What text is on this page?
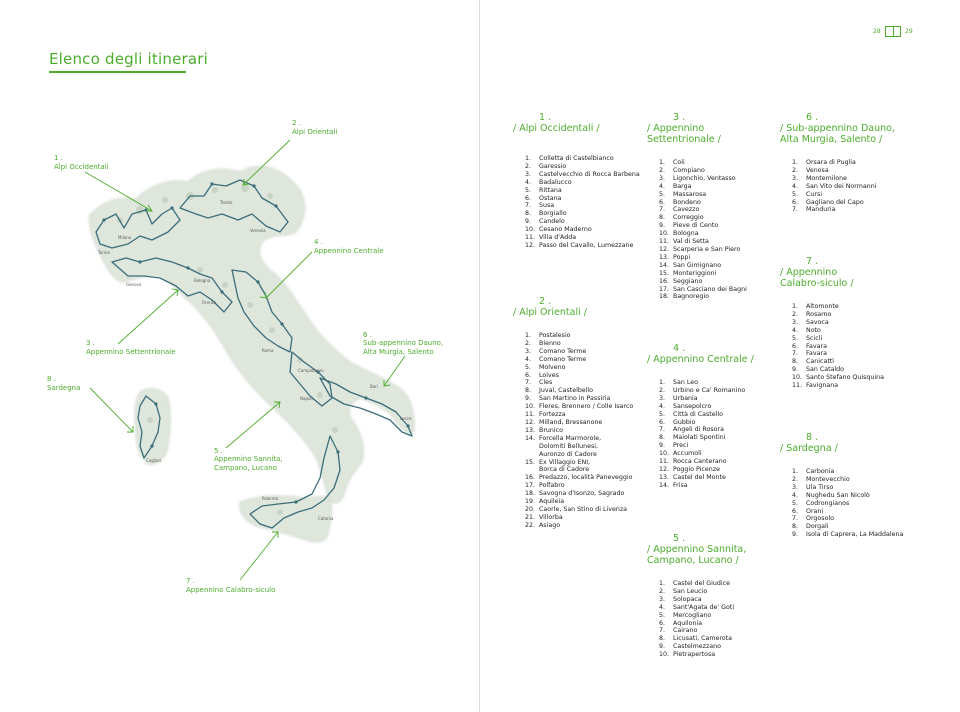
Elenco degli itinerari
Milano
Torino
Genova
Bologna
Firenze
Venezia
Trento
Roma
Napoli
Bari
Lecce
Cagliari
Palermo
Catania
Campobasso
1 .
Alpi Occidentali
2 .
Alpi Orientali
3 .
Appennino Settentrionale
4 .
Appennino Centrale

5 .
Appennino Sannita,
Campano, Lucano

6 .
Sub-appennino Dauno,
Alta Murgia, Salento

7 .
Appennino Calabro-siculo
8 .
Sardegna
28	29
1 .
/ Alpi Occidentali /
1.	Colletta di Castelbianco
2.	Garessio
3.	Castelvecchio di Rocca Barbena
4.	Badalucco
5.	Rittana
6.	Ostana
7.	Susa
8.	Borgiallo
9.	Candelo
10. Cesano Maderno
11. Villa d'Adda
12. Passo del Cavallo, Lumezzane
2 .
/ Alpi Orientali /
1.	Postalesio
2.	Bienno
3.	Comano Terme
4.	Comano Terme
5.	Molveno
6.	Loives
7.	Cles
8.	Juval, Castelbello
9.	San Martino in Passiria
10. Fleres, Brennero / Colle Isarco
11. Fortezza
12. Milland, Bressanone
13. Brunico
14. Forcella Marmorole,
Dolomiti Bellunesi,
Auronzo di Cadore
15. Ex Villaggio ENI,
Borca di Cadore
16. Predazzo, località Paneveggio
17. Polfabro
18. Savogna d'Isonzo, Sagrado
19. Aquileia
20. Caorle, San Stino di Livenza
21. Villorba
22. Asiago
3 .
/ Appennino
Settentrionale /
1.	Coli
2.	Compiano
3.	Ligonchio, Ventasso
4.	Barga
5.	Massarosa
6.	Bondeno
7.	Cavezzo
8.	Correggio
9.	Pieve di Cento
10. Bologna
11. Val di Setta
12. Scarperia e San Piero
13. Poppi
14. San Gimignano
15. Monteriggioni
16. Seggiano
17. San Casciano dei Bagni
18. Bagnoregio
4 .
/ Appennino Centrale /
1.	San Leo
2.	Urbino e Ca' Romanino
3.	Urbania
4.	Sansepolcro
5.	Città di Castello
6.	Gubbio
7.	Angeli di Rosora
8.	Maiolati Spontini
9.	Preci
10. Accumoli
11. Rocca Canterano
12. Poggio Picenze
13. Castel del Monte
14. Frisa
5 .
/ Appennino Sannita,
Campano, Lucano /
1.	Castel del Giudice
2.	San Leucio
3.	Solopaca
4.	Sant'Agata de' Goti
5.	Mercogliano
6.	Aquilonia
7.	Cairano
8.	Licusati, Camerota
9.	Castelmezzano
10. Pietrapertosa
6 .
/ Sub-appennino Dauno,
Alta Murgia, Salento /
1.	Orsara di Puglia
2.	Venosa
3.	Montemilone
4.	San Vito dei Normanni
5.	Cursi
6.	Gagliano del Capo
7.	Manduria
7 .
/ Appennino
Calabro-siculo /
1.	Altomonte
2.	Rosarno
3.	Savoca
4.	Noto
5.	Scicli
6.	Favara
7.	Favara
8.	Canicattì
9.	San Cataldo
10. Santo Stefano Quisquina
11. Favignana
8 .
/ Sardegna /
1.	Carbonia
2.	Montevecchio
3.	Ula Tirso
4.	Nughedu San Nicolò
5.	Codrongianos
6.	Orani
7.	Orgosolo
8.	Dorgali
9.	Isola di Caprera, La Maddalena
